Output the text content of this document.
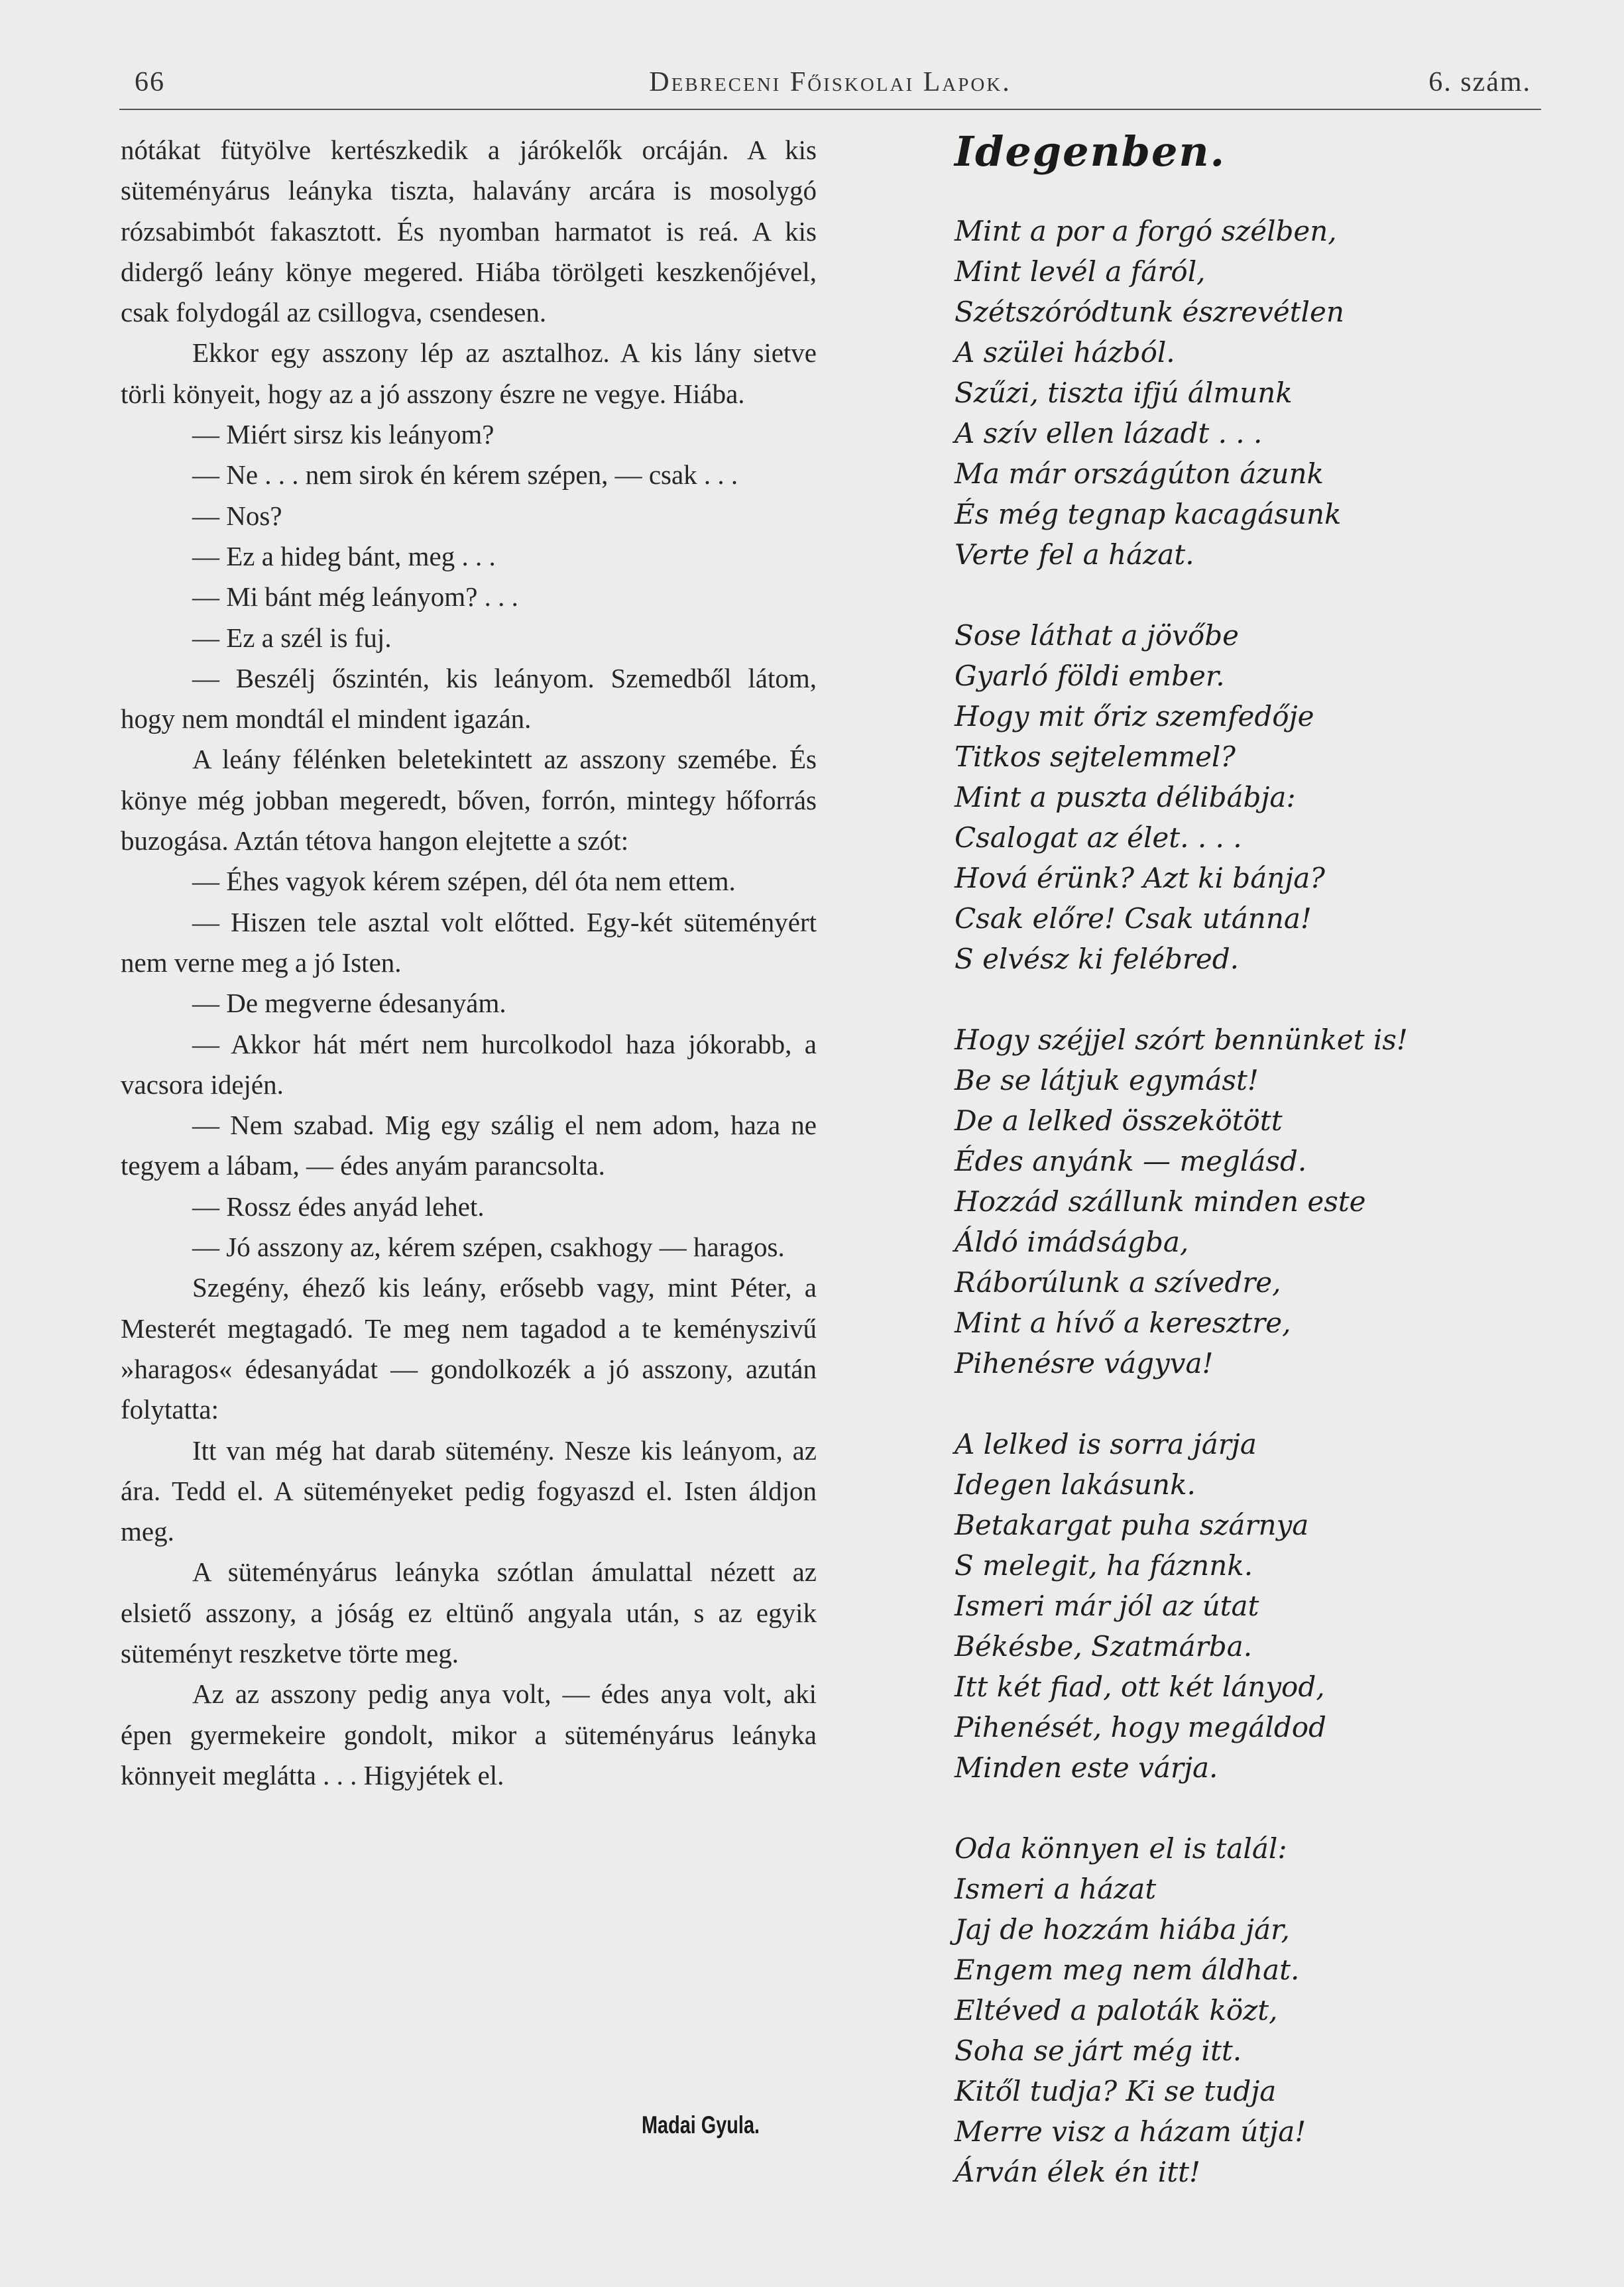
Debreceni Főiskolai Lapok.
66	6. szám.

nótákat fütyölve kertészkedik a járókelők orcáján. A kis süteményárus leányka tiszta, halavány arcára is mosolygó rózsabimbót fakasztott. És nyomban harmatot is reá. A kis didergő leány könye megered. Hiába törölgeti keszkenőjével, csak folydogál az csillogva, csendesen.

Ekkor egy asszony lép az asztalhoz. A kis lány sietve törli könyeit, hogy az a jó asszony észre ne vegye. Hiába.

— Miért sirsz kis leányom?

— Ne . . . nem sirok én kérem szépen, — csak . . .

— Nos?

— Ez a hideg bánt, meg . . .

— Mi bánt még leányom? . . .

— Ez a szél is fuj.

— Beszélj őszintén, kis leányom. Szemedből látom, hogy nem mondtál el mindent igazán.

A leány félénken beletekintett az asszony szemébe. És könye még jobban megeredt, bőven, forrón, mintegy hőforrás buzogása. Aztán tétova hangon elejtette a szót:

— Éhes vagyok kérem szépen, dél óta nem ettem.

— Hiszen tele asztal volt előtted. Egy-két süteményért nem verne meg a jó Isten.

— De megverne édesanyám.

— Akkor hát mért nem hurcolkodol haza jókorabb, a vacsora idején.

— Nem szabad. Mig egy szálig el nem adom, haza ne tegyem a lábam, — édes anyám parancsolta.

— Rossz édes anyád lehet.

— Jó asszony az, kérem szépen, csakhogy — haragos.

Szegény, éhező kis leány, erősebb vagy, mint Péter, a Mesterét megtagadó. Te meg nem tagadod a te keményszivű »haragos« édesanyádat — gondolkozék a jó asszony, azután folytatta:

Itt van még hat darab sütemény. Nesze kis leányom, az ára. Tedd el. A süteményeket pedig fogyaszd el. Isten áldjon meg.

A süteményárus leányka szótlan ámulattal nézett az elsiető asszony, a jóság ez eltünő angyala után, s az egyik süteményt reszketve törte meg.

Az az asszony pedig anya volt, — édes anya volt, aki épen gyermekeire gondolt, mikor a süteményárus leányka könnyeit meglátta . . . Higyjétek el.

Madai Gyula.
Idegenben.
Mint a por a forgó szélben,
Mint levél a fáról,
Szétszóródtunk észrevétlen
A szülei házból.
Szűzi, tiszta ifjú álmunk
A szív ellen lázadt . . .
Ma már országúton ázunk
És még tegnap kacagásunk
Verte fel a házat.
Sose láthat a jövőbe
Gyarló földi ember.
Hogy mit őriz szemfedője
Titkos sejtelemmel?
Mint a puszta délibábja:
Csalogat az élet. . . .
Hová érünk? Azt ki bánja?
Csak előre! Csak utánna!
S elvész ki felébred.
Hogy széjjel szórt bennünket is!
Be se látjuk egymást!
De a lelked összekötött
Édes anyánk — meglásd.
Hozzád szállunk minden este
Áldó imádságba,
Ráborúlunk a szívedre,
Mint a hívő a keresztre,
Pihenésre vágyva!
A lelked is sorra járja
Idegen lakásunk.
Betakargat puha szárnya
S melegit, ha fáznnk.
Ismeri már jól az útat
Békésbe, Szatmárba.
Itt két fiad, ott két lányod,
Pihenését, hogy megáldod
Minden este várja.
Oda könnyen el is talál:
Ismeri a házat
Jaj de hozzám hiába jár,
Engem meg nem áldhat.
Eltéved a paloták közt,
Soha se járt még itt.
Kitől tudja? Ki se tudja
Merre visz a házam útja!
Árván élek én itt!
